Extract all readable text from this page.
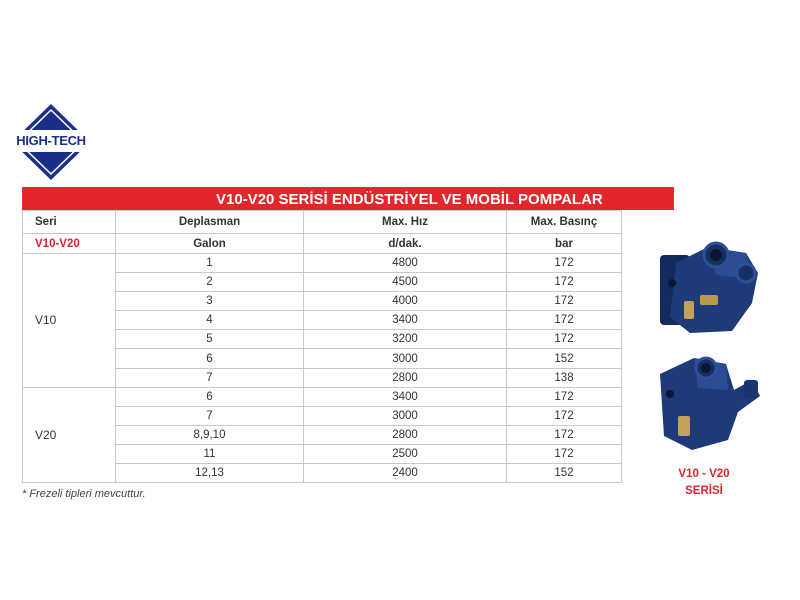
HIGH-TECH
V10-V20 SERİSİ ENDÜSTRİYEL VE MOBİL POMPALAR
Seri	Deplasman	Max. Hız	Max. Basınç
V10-V20	Galon	d/dak.	bar
V10	1	4800	172
	2	4500	172
	3	4000	172
	4	3400	172
	5	3200	172
	6	3000	152
	7	2800	138
V20	6	3400	172
	7	3000	172
	8,9,10	2800	172
	11	2500	172
	12,13	2400	152
* Frezeli tipleri mevcuttur.
V10 - V20
SERİSİ
